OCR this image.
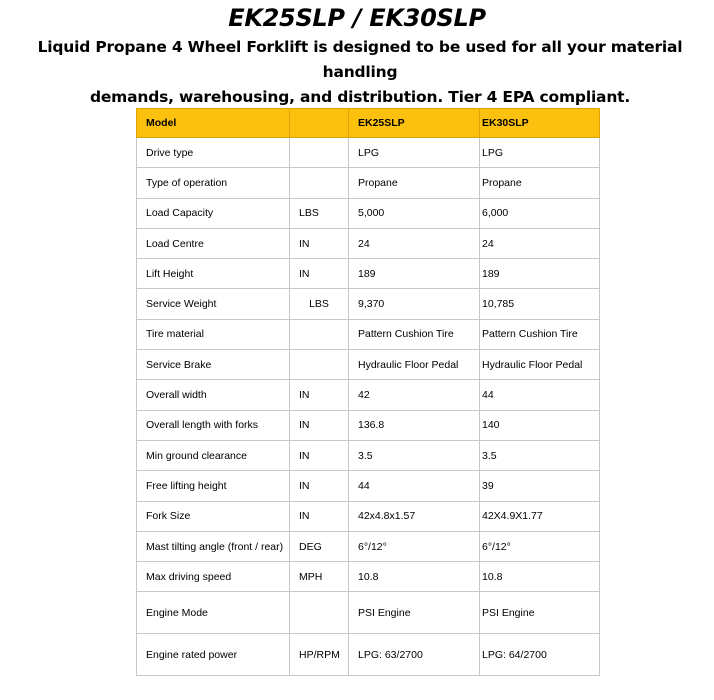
EK25SLP / EK30SLP
Liquid Propane 4 Wheel Forklift is designed to be used for all your material handling
demands, warehousing, and distribution. Tier 4 EPA compliant.
Model		EK25SLP	EK30SLP
Drive type		LPG	LPG
Type of operation		Propane	Propane
Load Capacity	LBS	5,000	6,000
Load Centre	IN	24	24
Lift Height	IN	189	189
Service Weight	LBS	9,370	10,785
Tire material		Pattern Cushion Tire	Pattern Cushion Tire
Service Brake		Hydraulic Floor Pedal	Hydraulic Floor Pedal
Overall width	IN	42	44
Overall length with forks	IN	136.8	140
Min ground clearance	IN	3.5	3.5
Free lifting height	IN	44	39
Fork Size	IN	42x4.8x1.57	42X4.9X1.77
Mast tilting angle (front / rear)	DEG	6°/12°	6°/12°
Max driving speed	MPH	10.8	10.8
Engine Mode		PSI Engine	PSI Engine
Engine rated power	HP/RPM	LPG: 63/2700	LPG: 64/2700
